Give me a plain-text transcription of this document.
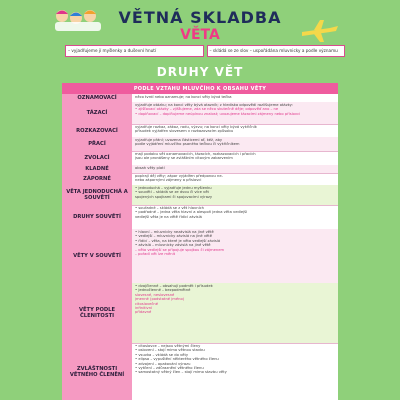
VĚTNÁ SKLADBA
VĚTA
– vyjadřujeme jí myšlenky a duševní hnutí	– skládá se ze slov – uspořádána mluvnicky a podle významu
DRUHY VĚT
PODLE VZTAHU MLUVČÍHO K OBSAHU VĚTY
OZNAMOVACÍ	něco tvrdí nebo oznamuje; na konci věty bývá tečka
TÁZACÍ
vyjadřuje otázku; na konci věty bývá otazník; z hlediska odpovědi rozlišujeme otázky:
• zjišťovací otázky – zjišťujeme, zda se něco skutečně děje; odpověď ano – ne
• doplňovací – doplňujeme neúplnou znalost; uvozujeme tázacími zájmeny nebo příslovci
ROZKAZOVACÍ
vyjadřuje rozkaz, zákaz, radu, výzvu; na konci věty bývá vykřičník
přísudek vyjádřen slovesem v rozkazovacím způsobu
PŘACÍ
vyjadřuje přání; uvozena částicemi ať, kéž, aby
podle vyjádření mluvčího psaného tečkou či vykřičníkem
ZVOLACÍ
mají podobu vět oznamovacích, tázacích, rozkazovacích i přacích
jsou ale pronášeny se zvláštním citovým zabarvením
KLADNÉ	obsah věty platí
ZÁPORNÉ	popírají děj věty; zápor vyjádřen předponou ne-
nebo zápornými zájmeny a příslovci
VĚTA JEDNODUCHÁ A SOUVĚTÍ
• jednoduchá – vyjadřuje jednu myšlenku
• souvětí – skládá se ze dvou či více vět
spojených spojkami či spojovacími výrazy
DRUHY SOUVĚTÍ
• souřadné – skládá se z vět hlavních
• podřadné – jedna věta hlavní a alespoň jedna věta vedlejší
vedlejší věta je na větě řídící závislá
VĚTY V SOUVĚTÍ
• hlavní – mluvnicky nezávislá na jiné větě
• vedlejší – mluvnicky závislá na jiné větě
• řídící – věta, na které je věta vedlejší závislá
• závislá – mluvnicky závislá na jiné větě
– věta vedlejší se připojuje spojkou či zájmenem
– pořadí vět lze měnit
VĚTY PODLE ČLENITOSTI
• dvojčlenné – obsahují podmět i přísudek
• jednočlenné – bezpodmětné
slovesné, neslovesné
jmenné (podstatné jméno)
citoslovečné
infinitivní
přídavné
ZVLÁŠTNOSTI VĚTNÉHO ČLENĚNÍ
• citoslovce – nejsou větnými členy
• oslovení – stojí mimo větnou stavbu
• vsuvka – vkládá se do věty
• elipsa – vypuštění některého větného členu
• zdvojení – opakování výrazu
• vytčení – zdůraznění větného členu
• samostatný větný člen – stojí mimo stavbu věty
